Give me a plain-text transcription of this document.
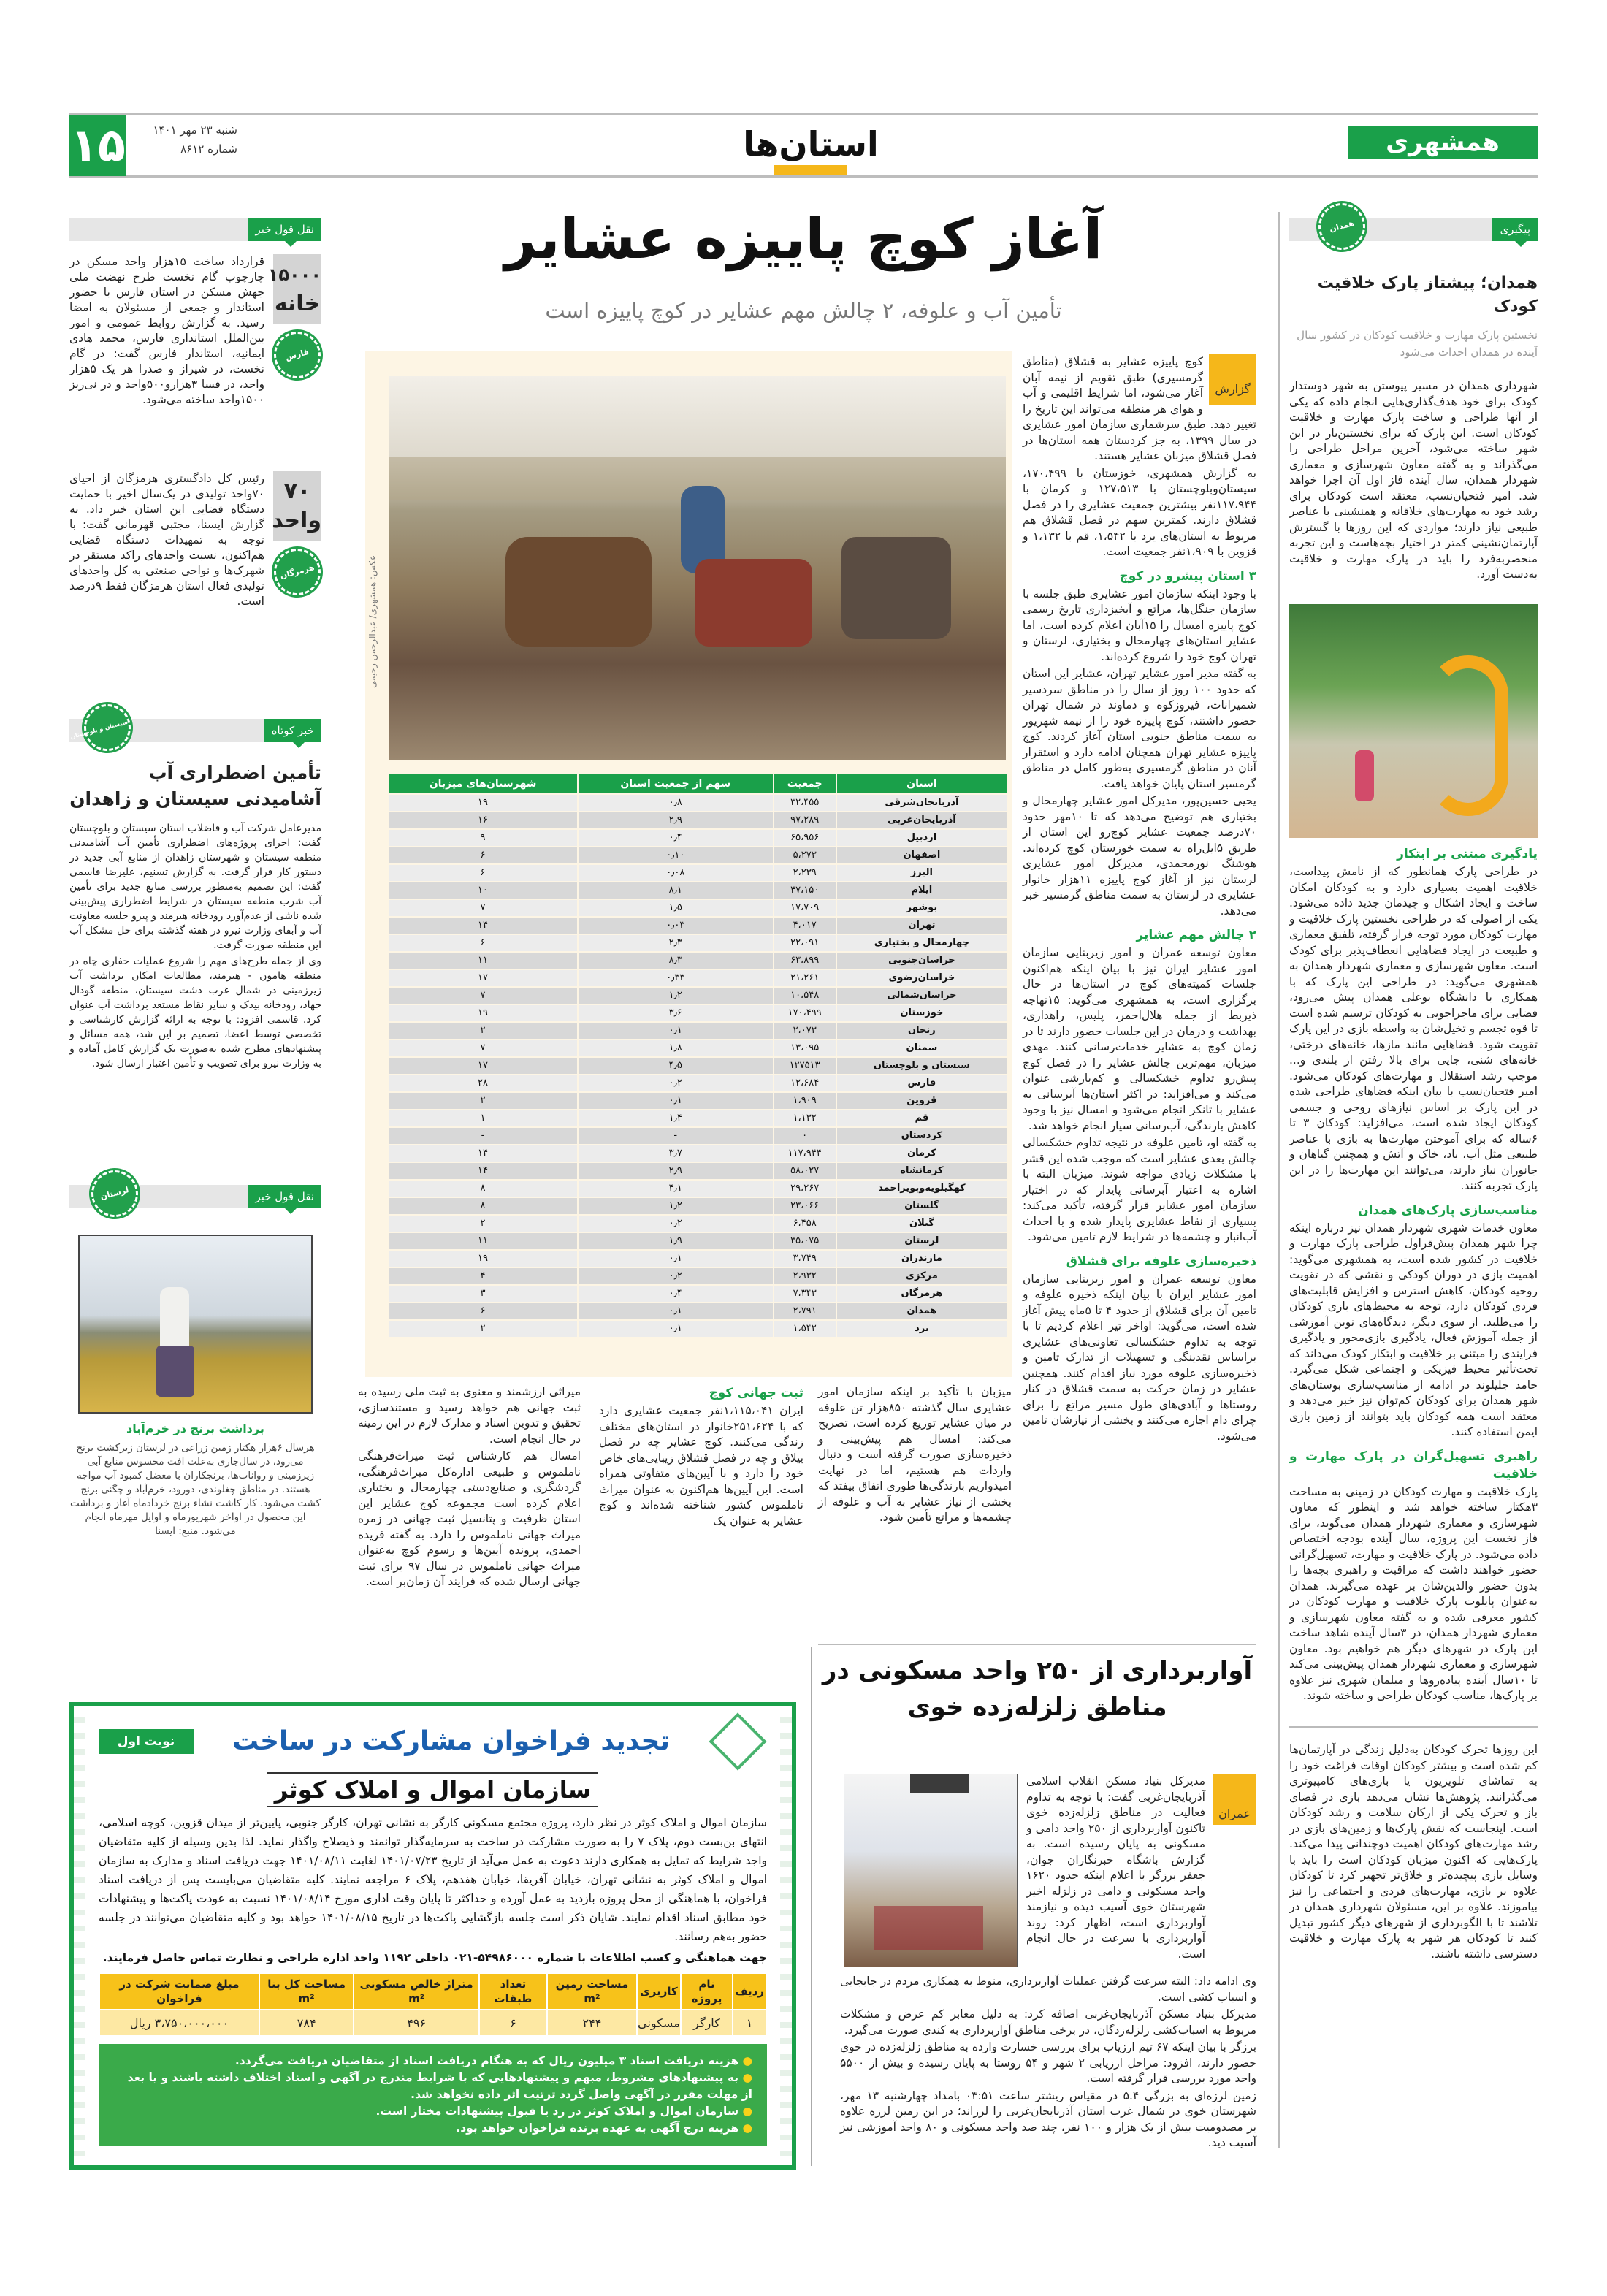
۱۵	شنبه ۲۳ مهر ۱۴۰۱
شماره ۸۶۱۲	استان‌ها	همشهری
نقل قول خبر
۱۵۰۰۰
خانه
فارس
قرارداد ساخت ۱۵هزار واحد مسکن در چارچوب گام نخست طرح نهضت ملی جهش مسکن در استان فارس با حضور استاندار و جمعی از مسئولان به امضا رسید. به گزارش روابط عمومی و امور بین‌الملل استانداری فارس، محمد هادی ایمانیه، استاندار فارس گفت: در گام نخست، در شیراز و صدرا هر یک ۵هزار واحد، در فسا ۳هزارو۵۰۰واحد و در نی‌ریز ۱۵۰۰واحد ساخته می‌شود.
۷۰
واحد
هرمزگان
رئیس کل دادگستری هرمزگان از احیای ۷۰واحد تولیدی در یک‌سال اخیر با حمایت دستگاه قضایی این استان خبر داد. به گزارش ایسنا، مجتبی قهرمانی گفت: با توجه به تمهیدات دستگاه قضایی هم‌اکنون، نسبت واحدهای راکد مستقر در شهرک‌ها و نواحی صنعتی به کل واحدهای تولیدی فعال استان هرمزگان فقط ۹درصد است.
خبر کوتاه
سیستان و بلوچستان
تأمین اضطراری آب آشامیدنی سیستان و زاهدان

مدیرعامل شرکت آب و فاضلاب استان سیستان و بلوچستان گفت: اجرای پروژه‌های اضطراری تأمین آب آشامیدنی منطقه سیستان و شهرستان زاهدان از منابع آبی جدید در دستور کار قرار گرفت. به گزارش تسنیم، علیرضا قاسمی گفت: این تصمیم به‌منظور بررسی منابع جدید برای تأمین آب شرب منطقه سیستان در شرایط اضطراری پیش‌بینی شده ناشی از عدم‌آورد رودخانه هیرمند و پیرو جلسه معاونت آب و آبفای وزارت نیرو در هفته گذشته برای حل مشکل آب این منطقه صورت گرفت.

وی از جمله طرح‌های مهم را شروع عملیات حفاری چاه در منطقه هامون - هیرمند، مطالعات امکان برداشت آب زیرزمینی در شمال غرب دشت سیستان، منطقه گودال جهاد، رودخانه بیدک و سایر نقاط مستعد برداشت آب عنوان کرد. قاسمی افزود: با توجه به ارائه گزارش کارشناسی و تخصصی توسط اعضا، تصمیم بر این شد، همه مسائل و پیشنهادهای مطرح شده به‌صورت یک گزارش کامل آماده و به وزارت نیرو برای تصویب و تأمین اعتبار ارسال شود.

نقل قول خبر
لرستان
برداشت برنج در خرم‌آباد
هرسال ۶هزار هکتار زمین زراعی در لرستان زیرکشت برنج می‌رود، در سال‌جاری به‌علت افت محسوس منابع آبی زیرزمینی و رواناب‌ها، برنجکاران با معضل کمبود آب مواجه هستند. در مناطق چغلوندی، دورود، خرم‌آباد و چگنی برنج کشت می‌شود. کار کاشت نشاء برنج خردادماه آغاز و برداشت این محصول در اواخر شهریورماه و اوایل مهرماه انجام می‌شود. منبع: ایسنا
آغاز کوچ پاییزه عشایر
تأمین آب و علوفه، ۲ چالش مهم عشایر در کوچ پاییزه است
عکس: همشهری/ عبدالرحمن رحیمی
استان	جمعیت	سهم از جمعیت استان	شهرستان‌های میزبان
آذربایجان‌شرقی	۳۲،۴۵۵	۰٫۸	۱۹
آذربایجان‌غربی	۹۷،۲۸۹	۲٫۹	۱۶
اردبیل	۶۵،۹۵۶	۰٫۴	۹
اصفهان	۵،۲۷۳	۰٫۱۰	۶
البرز	۲،۲۳۹	۰٫۰۸	۶
ایلام	۴۷،۱۵۰	۸٫۱	۱۰
بوشهر	۱۷،۷۰۹	۱٫۵	۷
تهران	۴،۰۱۷	۰٫۰۳	۱۴
چهارمحال و بختیاری	۲۲،۰۹۱	۲٫۳	۶
خراسان‌جنوبی	۶۳،۸۹۹	۸٫۳	۱۱
خراسان‌رضوی	۲۱،۲۶۱	۰٫۳۳	۱۷
خراسان‌شمالی	۱۰،۵۴۸	۱٫۲	۷
خوزستان	۱۷۰،۴۹۹	۳٫۶	۱۹
زنجان	۲،۰۷۳	۰٫۱	۲
سمنان	۱۳،۰۹۵	۱٫۸	۷
سیستان و بلوچستان	۱۲۷۵۱۳	۴٫۵	۱۷
فارس	۱۲،۶۸۴	۰٫۲	۲۸
قزوین	۱،۹۰۹	۰٫۱	۲
قم	۱،۱۳۲	۱٫۴	۱
کردستان	۰	-	-
کرمان	۱۱۷،۹۴۴	۳٫۷	۱۴
کرمانشاه	۵۸،۰۲۷	۲٫۹	۱۴
کهگیلویه‌وبویراحمد	۲۹،۲۶۷	۴٫۱	۸
گلستان	۲۳،۰۶۶	۱٫۲	۸
گیلان	۶،۴۵۸	۰٫۲	۲
لرستان	۳۵،۰۷۵	۱٫۹	۱۱
مازندران	۳،۷۴۹	۰٫۱	۱۹
مرکزی	۲،۹۳۲	۰٫۲	۴
هرمزگان	۷،۳۴۳	۰٫۴	۳
همدان	۲،۷۹۱	۰٫۱	۶
یزد	۱،۵۴۲	۰٫۱	۲
گزارش

کوچ پاییزه عشایر به قشلاق (مناطق گرمسیری) طبق تقویم از نیمه آبان آغاز می‌شود، اما شرایط اقلیمی و آب و هوای هر منطقه می‌تواند این تاریخ را تغییر دهد. طبق سرشماری سازمان امور عشایری در سال ۱۳۹۹، به جز کردستان همه استان‌ها در فصل قشلاق میزبان عشایر هستند.

به گزارش همشهری، خوزستان با ۱۷۰،۴۹۹، سیستان‌وبلوچستان با ۱۲۷،۵۱۳ و کرمان با ۱۱۷،۹۴۴نفر بیشترین جمعیت عشایری را در فصل قشلاق دارند. کمترین سهم در فصل قشلاق هم مربوط به استان‌های یزد با ۱،۵۴۲، قم با ۱،۱۳۲ و قزوین با ۱،۹۰۹نفر جمعیت است.

۳ استان پیشرو در کوچ

با وجود اینکه سازمان امور عشایری طبق جلسه با سازمان جنگل‌ها، مراتع و آبخیزداری تاریخ رسمی کوچ پاییزه امسال را ۱۵آبان اعلام کرده است، اما عشایر استان‌های چهارمحال و بختیاری، لرستان و تهران کوچ خود را شروع کرده‌اند.

به گفته مدیر امور عشایر تهران، عشایر این استان که حدود ۱۰۰ روز از سال را در مناطق سردسیر شمیرانات، فیروزکوه و دماوند در شمال تهران حضور داشتند، کوچ پاییزه خود را از نیمه شهریور به سمت مناطق جنوبی استان آغاز کردند. کوچ پاییزه عشایر تهران همچنان ادامه دارد و استقرار آنان در مناطق گرمسیری به‌طور کامل در مناطق گرمسیر استان پایان خواهد یافت.

یحیی حسین‌پور، مدیرکل امور عشایر چهارمحال و بختیاری هم توضیح می‌دهد که تا ۱۰مهر حدود ۷۰درصد جمعیت عشایر کوچ‌رو این استان از طریق ۵ایل‌راه به سمت خوزستان کوچ کرده‌اند. هوشنگ نورمحمدی، مدیرکل امور عشایری لرستان نیز از آغاز کوچ پاییزه ۱۱هزار خانوار عشایری در لرستان به سمت مناطق گرمسیر خبر می‌دهد.

۲ چالش مهم عشایر

معاون توسعه عمران و امور زیربنایی سازمان امور عشایر ایران نیز با بیان اینکه هم‌اکنون جلسات کمیته‌های کوچ در استان‌ها در حال برگزاری است، به همشهری می‌گوید: ۱۵تهاجه ذیربط از جمله هلال‌احمر، پلیس، راهداری، بهداشت و درمان در این جلسات حضور دارند تا در زمان کوچ به عشایر خدمات‌رسانی کنند. مهدی میزبان، مهم‌ترین چالش عشایر را در فصل کوچ پیش‌رو تداوم خشکسالی و کم‌بارشی عنوان می‌کند و می‌افزاید: در اکثر استان‌ها آبرسانی به عشایر با تانکر انجام می‌شود و امسال نیز با وجود کاهش بارندگی، آب‌رسانی سیار انجام خواهد شد.

به گفته او، تامین علوفه در نتیجه تداوم خشکسالی چالش بعدی عشایر است که موجب شده این قشر با مشکلات زیادی مواجه شوند. میزبان البته با اشاره به اعتبار آبرسانی پایدار که در اختیار سازمان امور عشایر قرار گرفته، تأکید می‌کند: بسیاری از نقاط عشایری پایدار شده و با احداث آب‌انبار و چشمه‌ها در شرایط لازم تامین می‌شود.

ذخیره‌سازی علوفه برای قشلاق

معاون توسعه عمران و امور زیربنایی سازمان امور عشایر ایران با بیان اینکه ذخیره علوفه و تامین آن برای قشلاق از حدود ۴ تا ۵ماه پیش آغاز شده است، می‌گوید: اواخر تیر اعلام کردیم تا با توجه به تداوم خشکسالی تعاونی‌های عشایری براساس نقدینگی و تسهیلات از تدارک تامین و ذخیره‌سازی علوفه مورد نیاز اقدام کنند. همچنین عشایر در زمان حرکت به سمت قشلاق در کنار روستاها و آبادی‌های طول مسیر مراتع را برای چرای دام اجاره می‌کنند و بخشی از نیازشان تامین می‌شود.

میزبان با تأکید بر اینکه سازمان امور عشایری سال گذشته ۸۵۰هزار تن علوفه در میان عشایر توزیع کرده است، تصریح می‌کند: امسال هم پیش‌بینی و ذخیره‌سازی صورت گرفته است و دنبال واردات هم هستیم، اما در نهایت امیدواریم بارندگی‌ها طوری اتفاق بیفتد که بخشی از نیاز عشایر به آب و علوفه از چشمه‌ها و مراتع تأمین شود.
ثبت جهانی کوچ

ایران ۱،۱۱۵،۰۴۱نفر جمعیت عشایری دارد که با ۲۵۱،۶۲۴خانوار در استان‌های مختلف زندگی می‌کنند. کوچ عشایر چه در فصل ییلاق و چه در فصل قشلاق زیبایی‌های خاص خود را دارد و با آیین‌های متفاوتی همراه است. این آیین‌ها هم‌اکنون به عنوان میراث ناملموس کشور شناخته شده‌اند و کوچ عشایر به عنوان یک

میراثی ارزشمند و معنوی به ثبت ملی رسیده به ثبت جهانی هم خواهد رسید و مستندسازی، تحقیق و تدوین اسناد و مدارک لازم در این زمینه در حال انجام است.

امسال هم کارشناس ثبت میراث‌فرهنگی ناملموس و طبیعی اداره‌کل میراث‌فرهنگی، گردشگری و صنایع‌دستی چهارمحال و بختیاری اعلام کرده است مجموعه کوچ عشایر این استان ظرفیت و پتانسیل ثبت جهانی در زمره میراث جهانی ناملموس را دارد. به گفته فریده احمدی، پرونده آیین‌ها و رسوم کوچ به‌عنوان میراث جهانی ناملموس در سال ۹۷ برای ثبت جهانی ارسال شده که فرایند آن زمان‌بر است.

آواربرداری از ۲۵۰ واحد مسکونی در مناطق زلزله‌زده خوی
عمران
مدیرکل بنیاد مسکن انقلاب اسلامی آذربایجان‌غربی گفت: با توجه به تداوم فعالیت در مناطق زلزله‌زده خوی تاکنون آواربرداری از ۲۵۰ واحد دامی و مسکونی به پایان رسیده است. به گزارش باشگاه خبرنگاران جوان، جعفر برزگر با اعلام اینکه حدود ۱۶۲۰ واحد مسکونی و دامی در زلزله اخیر شهرستان خوی آسیب دیده و نیازمند آواربرداری است، اظهار کرد: روند آواربرداری با سرعت در حال انجام است.

وی ادامه داد: البته سرعت گرفتن عملیات آواربرداری، منوط به همکاری مردم در جابجایی و اسباب کشی است.

مدیرکل بنیاد مسکن آذربایجان‌غربی اضافه کرد: به دلیل معابر کم عرض و مشکلات مربوط به اسباب‌کشی زلزله‌زدگان، در برخی مناطق آواربرداری به کندی صورت می‌گیرد.

برزگر با بیان اینکه ۶۷ تیم ارزیاب برای بررسی خسارت وارده به مناطق زلزله‌زده در خوی حضور دارند، افزود: مراحل ارزیابی ۲ شهر و ۵۴ روستا به پایان رسیده و بیش از ۵۵۰۰ واحد مورد بررسی قرار گرفته است.

زمین لرزه‌ای به بزرگی ۵.۴ در مقیاس ریشتر ساعت ۰۳:۵۱ بامداد چهارشنبه ۱۳ مهر، شهرستان خوی در شمال غرب استان آذربایجان‌غربی را لرزاند؛ در این زمین لرزه علاوه بر مصدومیت بیش از یک هزار و ۱۰۰ نفر، چند صد واحد مسکونی و ۸۰ واحد آموزشی نیز آسیب دید.

پیگیری
همدان
همدان؛ پیشتاز پارک خلاقیت کودک
نخستین پارک مهارت و خلاقیت کودکان در کشور سال آینده در همدان احداث می‌شود
شهرداری همدان در مسیر پیوستن به شهر دوستدار کودک برای خود هدف‌گذاری‌هایی انجام داده که یکی از آنها طراحی و ساخت پارک مهارت و خلاقیت کودکان است. این پارک که برای نخستین‌بار در این شهر ساخته می‌شود، آخرین مراحل طراحی را می‌گذراند و به گفته معاون شهرسازی و معماری شهردار همدان، سال آینده فاز اول آن اجرا خواهد شد. امیر فتحیان‌نسب، معتقد است کودکان برای رشد خود به مهارت‌های خلاقانه و همنشینی با عناصر طبیعی نیاز دارند؛ مواردی که این روزها با گسترش آپارتمان‌نشینی کمتر در اختیار بچه‌هاست و این تجربه منحصربه‌فرد را باید در پارک مهارت و خلاقیت به‌دست آورد.
یادگیری مبتنی بر ابتکار

در طراحی پارک همانطور که از نامش پیداست، خلاقیت اهمیت بسیاری دارد و به کودکان امکان ساخت و ایجاد اشکال و چیدمان جدید داده می‌شود. یکی از اصولی که در طراحی نخستین پارک خلاقیت و مهارت کودکان مورد توجه قرار گرفته، تلفیق معماری و طبیعت در ایجاد فضاهایی انعطاف‌پذیر برای کودک است. معاون شهرسازی و معماری شهردار همدان به همشهری می‌گوید: در طراحی این پارک که با همکاری با دانشگاه بوعلی همدان پیش می‌رود، فضایی برای ماجراجویی به کودکان ترسیم شده است تا قوه تجسم و تخیل‌شان به واسطه بازی در این پارک تقویت شود. فضاهایی مانند مازها، خانه‌های درختی، خانه‌های شنی، جایی برای بالا رفتن از بلندی و... موجب رشد استقلال و مهارت‌های کودکان می‌شود. امیر فتحیان‌نسب با بیان اینکه فضاهای طراحی شده در این پارک بر اساس نیازهای روحی و جسمی کودکان ایجاد شده است، می‌افزاید: کودکان ۳ تا ۶ساله که برای آموختن مهارت‌ها به بازی با عناصر طبیعی مثل آب، باد، خاک و آتش و همچنین گیاهان و جانوران نیاز دارند، می‌توانند این مهارت‌ها را در این پارک تجربه کنند.

مناسب‌سازی پارک‌های همدان

معاون خدمات شهری شهردار همدان نیز درباره اینکه چرا شهر همدان پیش‌قراول طراحی پارک مهارت و خلاقیت در کشور شده است، به همشهری می‌گوید: اهمیت بازی در دوران کودکی و نقشی که در تقویت روحیه کودکان، کاهش استرس و افزایش قابلیت‌های فردی کودکان دارد، توجه به محیط‌های بازی کودکان را می‌طلبد. از سوی دیگر، دیدگاه‌های نوین آموزشی از جمله آموزش فعال، یادگیری بازی‌محور و یادگیری فرایندی را مبتنی بر خلاقیت و ابتکار کودک می‌داند که تحت‌تأثیر محیط فیزیکی و اجتماعی شکل می‌گیرد. حامد جلیلوند در ادامه از مناسب‌سازی بوستان‌های شهر همدان برای کودکان کم‌توان نیز خبر می‌دهد و معتقد است همه کودکان باید بتوانند از زمین بازی ایمن استفاده کنند.

راهبری تسهیل‌گران در پارک مهارت و خلاقیت

پارک خلاقیت و مهارت کودکان در زمینی به مساحت ۳هکتار ساخته خواهد شد و اینطور که معاون شهرسازی و معماری شهردار همدان می‌گوید، برای فاز نخست این پروژه، سال آینده بودجه اختصاص داده می‌شود. در پارک خلاقیت و مهارت، تسهیل‌گرانی حضور خواهند داشت که مراقبت و راهبری بچه‌ها را بدون حضور والدین‌شان بر عهده می‌گیرند. همدان به‌عنوان پایلوت پارک خلاقیت و مهارت کودکان در کشور معرفی شده و به گفته معاون شهرسازی و معماری شهردار همدان، در ۳سال آینده شاهد ساخت این پارک در شهرهای دیگر هم خواهیم بود. معاون شهرسازی و معماری شهردار همدان پیش‌بینی می‌کند تا ۱۰سال آینده پیاده‌روها و مبلمان شهری نیز علاوه بر پارک‌ها، مناسب کودکان طراحی و ساخته شوند.

این روزها تحرک کودکان به‌دلیل زندگی در آپارتمان‌ها کم شده است و بیشتر کودکان اوقات فراغت خود را به تماشای تلویزیون یا بازی‌های کامپیوتری می‌گذرانند. پژوهش‌ها نشان می‌دهد بازی در فضای باز و تحرک یکی از ارکان سلامت و رشد کودکان است. اینجاست که نقش پارک‌ها و زمین‌های بازی در رشد مهارت‌های کودکان اهمیت دوچندانی پیدا می‌کند. پارک‌هایی که اکنون میزبان کودکان است را باید با وسایل بازی پیچیده‌تر و خلاق‌تر تجهیز کرد تا کودکان علاوه بر بازی، مهارت‌های فردی و اجتماعی را نیز بیاموزند. علاوه بر این، مسئولان شهرداری همدان در تلاشند تا با الگوبرداری از شهرهای دیگر کشور تبدیل کنند تا کودکان هر شهر به پارک مهارت و خلاقیت دسترسی داشته باشند.
تجدید فراخوان مشارکت در ساخت
نوبت اول
سازمان اموال و املاک کوثر
سازمان اموال و املاک کوثر در نظر دارد، پروژه مجتمع مسکونی کارگر به نشانی تهران، کارگر جنوبی، پایین‌تر از میدان قزوین، کوچه اسلامی، انتهای بن‌بست دوم، پلاک ۷ را به صورت مشارکت در ساخت به سرمایه‌گذار توانمند و ذیصلاح واگذار نماید. لذا بدین وسیله از کلیه متقاضیان واجد شرایط که تمایل به همکاری دارند دعوت به عمل می‌آید از تاریخ ۱۴۰۱/۰۷/۲۳ لغایت ۱۴۰۱/۰۸/۱۱ جهت دریافت اسناد و مدارک به سازمان اموال و املاک کوثر به نشانی تهران، خیابان آفریقا، خیابان هفدهم، پلاک ۶ مراجعه نمایند. کلیه متقاضیان می‌بایست پس از دریافت اسناد فراخوان، با هماهنگی از محل پروژه بازدید به عمل آورده و حداکثر تا پایان وقت اداری مورخ ۱۴۰۱/۰۸/۱۴ نسبت به عودت پاکت‌ها و پیشنهادات خود مطابق اسناد اقدام نمایند. شایان ذکر است جلسه بازگشایی پاکت‌ها در تاریخ ۱۴۰۱/۰۸/۱۵ خواهد بود و کلیه متقاضیان می‌توانند در جلسه حضور به‌هم رسانند.
جهت هماهنگی و کسب اطلاعات با شماره ۵۴۹۸۶۰۰۰-۰۲۱ داخلی ۱۱۹۲ واحد اداره طراحی و نظارت تماس حاصل فرمایند.
ردیف	نام پروژه	کاربری	مساحت زمین m²	تعداد طبقات	متراژ خالص مسکونی m²	مساحت کل بنا m²	مبلغ ضمانت شرکت در فراخوان
۱	کارگر	مسکونی	۲۴۴	۶	۴۹۶	۷۸۴	۳،۷۵۰،۰۰۰،۰۰۰ ریال
● هزینه دریافت اسناد ۳ میلیون ریال که به هنگام دریافت اسناد از متقاضیان دریافت می‌گردد.
● به پیشنهادهای مشروط، مبهم و پیشنهادهایی که با شرایط مندرج در آگهی و اسناد اختلاف داشته باشند و یا بعد از مهلت مقرر در آگهی واصل گردد ترتیب اثر داده نخواهد شد.
● سازمان اموال و املاک کوثر در رد یا قبول پیشنهادات مختار است.
● هزینه درج آگهی به عهده برنده فراخوان خواهد بود.
